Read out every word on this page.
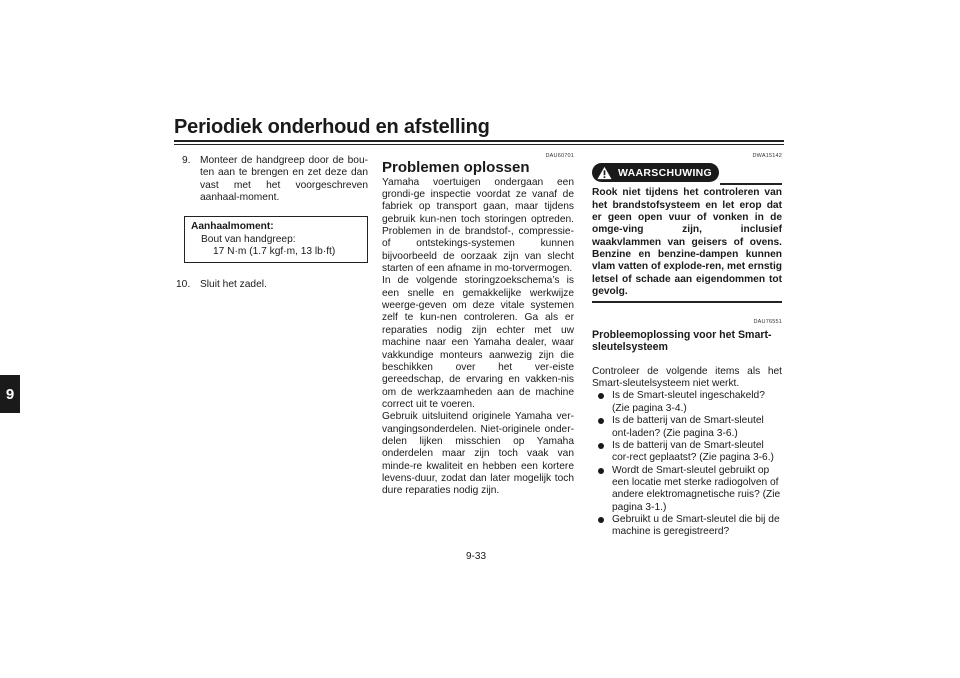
Periodiek onderhoud en afstelling
9
9. Monteer de handgreep door de bou-ten aan te brengen en zet deze dan vast met het voorgeschreven aanhaal-moment.
Aanhaalmoment:
Bout van handgreep:
17 N·m (1.7 kgf·m, 13 lb·ft)
10. Sluit het zadel.
DAU60701
Problemen oplossen
Yamaha voertuigen ondergaan een grondi-ge inspectie voordat ze vanaf de fabriek op transport gaan, maar tijdens gebruik kun-nen toch storingen optreden. Problemen in de brandstof-, compressie- of ontstekings-systemen kunnen bijvoorbeeld de oorzaak zijn van slecht starten of een afname in mo-torvermogen.
In de volgende storingzoekschema’s is een snelle en gemakkelijke werkwijze weerge-geven om deze vitale systemen zelf te kun-nen controleren. Ga als er reparaties nodig zijn echter met uw machine naar een Yamaha dealer, waar vakkundige monteurs aanwezig zijn die beschikken over het ver-eiste gereedschap, de ervaring en vakken-nis om de werkzaamheden aan de machine correct uit te voeren.
Gebruik uitsluitend originele Yamaha ver-vangingsonderdelen. Niet-originele onder-delen lijken misschien op Yamaha onderdelen maar zijn toch vaak van minde-re kwaliteit en hebben een kortere levens-duur, zodat dan later mogelijk toch dure reparaties nodig zijn.
DWA15142
WAARSCHUWING
Rook niet tijdens het controleren van het brandstofsysteem en let erop dat er geen open vuur of vonken in de omge-ving zijn, inclusief waakvlammen van geisers of ovens. Benzine en benzine-dampen kunnen vlam vatten of explode-ren, met ernstig letsel of schade aan eigendommen tot gevolg.
DAU76551
Probleemoplossing voor het Smart-sleutelsysteem
Controleer de volgende items als het Smart-sleutelsysteem niet werkt.
Is de Smart-sleutel ingeschakeld? (Zie pagina 3-4.)
Is de batterij van de Smart-sleutel ont-laden? (Zie pagina 3-6.)
Is de batterij van de Smart-sleutel cor-rect geplaatst? (Zie pagina 3-6.)
Wordt de Smart-sleutel gebruikt op een locatie met sterke radiogolven of andere elektromagnetische ruis? (Zie pagina 3-1.)
Gebruikt u de Smart-sleutel die bij de machine is geregistreerd?
9-33
